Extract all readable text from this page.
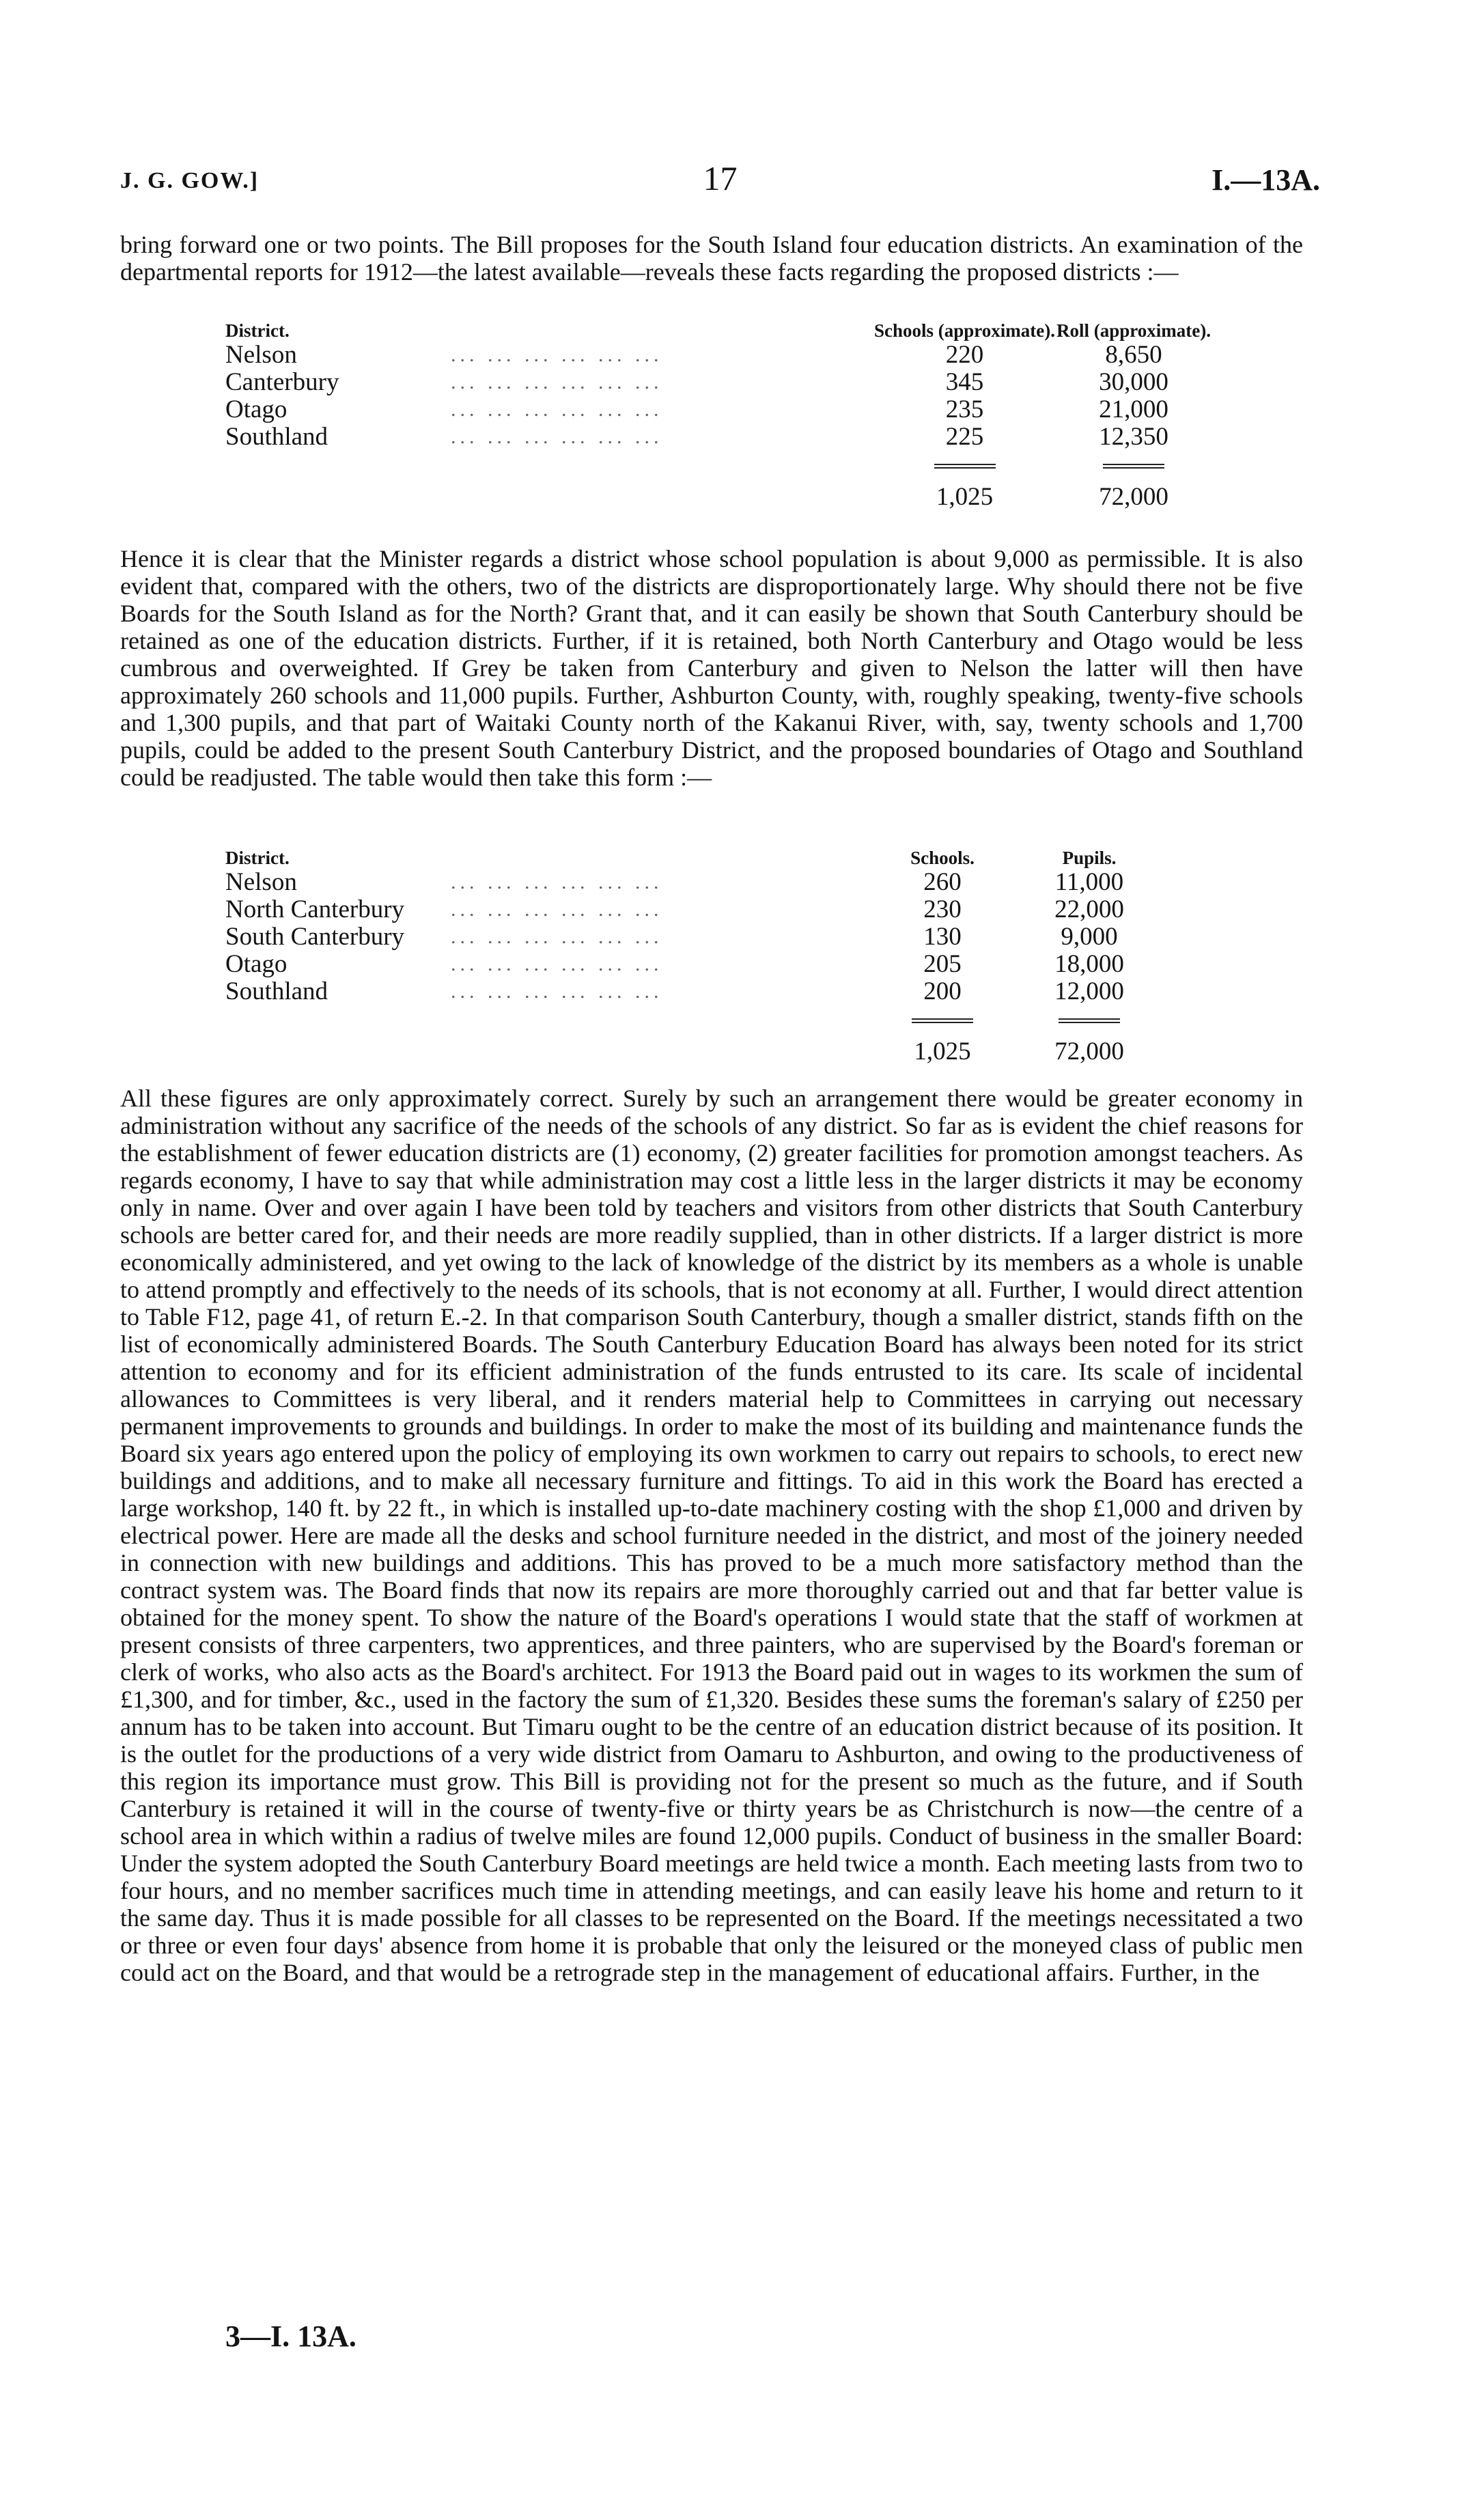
J. G. GOW.]	17	I.—13A.

bring forward one or two points. The Bill proposes for the South Island four education districts. An examination of the departmental reports for 1912—the latest available—reveals these facts regarding the proposed districts :—

District.		Schools (approximate).	Roll (approximate).
Nelson	... ... ... ... ... ...	220	8,650
Canterbury	... ... ... ... ... ...	345	30,000
Otago	... ... ... ... ... ...	235	21,000
Southland	... ... ... ... ... ...	225	12,350

		1,025	72,000

Hence it is clear that the Minister regards a district whose school population is about 9,000 as permissible. It is also evident that, compared with the others, two of the districts are disproportionately large. Why should there not be five Boards for the South Island as for the North? Grant that, and it can easily be shown that South Canterbury should be retained as one of the education districts. Further, if it is retained, both North Canterbury and Otago would be less cumbrous and overweighted. If Grey be taken from Canterbury and given to Nelson the latter will then have approximately 260 schools and 11,000 pupils. Further, Ashburton County, with, roughly speaking, twenty-five schools and 1,300 pupils, and that part of Waitaki County north of the Kakanui River, with, say, twenty schools and 1,700 pupils, could be added to the present South Canterbury District, and the proposed boundaries of Otago and Southland could be readjusted. The table would then take this form :—

District.		Schools.	Pupils.
Nelson	... ... ... ... ... ...	260	11,000
North Canterbury	... ... ... ... ... ...	230	22,000
South Canterbury	... ... ... ... ... ...	130	9,000
Otago	... ... ... ... ... ...	205	18,000
Southland	... ... ... ... ... ...	200	12,000

		1,025	72,000

All these figures are only approximately correct. Surely by such an arrangement there would be greater economy in administration without any sacrifice of the needs of the schools of any district. So far as is evident the chief reasons for the establishment of fewer education districts are (1) economy, (2) greater facilities for promotion amongst teachers. As regards economy, I have to say that while administration may cost a little less in the larger districts it may be economy only in name. Over and over again I have been told by teachers and visitors from other districts that South Canterbury schools are better cared for, and their needs are more readily supplied, than in other districts. If a larger district is more economically administered, and yet owing to the lack of knowledge of the district by its members as a whole is unable to attend promptly and effectively to the needs of its schools, that is not economy at all. Further, I would direct attention to Table F12, page 41, of return E.-2. In that comparison South Canterbury, though a smaller district, stands fifth on the list of economically administered Boards. The South Canterbury Education Board has always been noted for its strict attention to economy and for its efficient administration of the funds entrusted to its care. Its scale of incidental allowances to Committees is very liberal, and it renders material help to Committees in carrying out necessary permanent improvements to grounds and buildings. In order to make the most of its building and maintenance funds the Board six years ago entered upon the policy of employing its own workmen to carry out repairs to schools, to erect new buildings and additions, and to make all necessary furniture and fittings. To aid in this work the Board has erected a large workshop, 140 ft. by 22 ft., in which is installed up-to-date machinery costing with the shop £1,000 and driven by electrical power. Here are made all the desks and school furniture needed in the district, and most of the joinery needed in connection with new buildings and additions. This has proved to be a much more satisfactory method than the contract system was. The Board finds that now its repairs are more thoroughly carried out and that far better value is obtained for the money spent. To show the nature of the Board's operations I would state that the staff of workmen at present consists of three carpenters, two apprentices, and three painters, who are supervised by the Board's foreman or clerk of works, who also acts as the Board's architect. For 1913 the Board paid out in wages to its workmen the sum of £1,300, and for timber, &c., used in the factory the sum of £1,320. Besides these sums the foreman's salary of £250 per annum has to be taken into account. But Timaru ought to be the centre of an education district because of its position. It is the outlet for the productions of a very wide district from Oamaru to Ashburton, and owing to the productiveness of this region its importance must grow. This Bill is providing not for the present so much as the future, and if South Canterbury is retained it will in the course of twenty-five or thirty years be as Christchurch is now—the centre of a school area in which within a radius of twelve miles are found 12,000 pupils. Conduct of business in the smaller Board: Under the system adopted the South Canterbury Board meetings are held twice a month. Each meeting lasts from two to four hours, and no member sacrifices much time in attending meetings, and can easily leave his home and return to it the same day. Thus it is made possible for all classes to be represented on the Board. If the meetings necessitated a two or three or even four days' absence from home it is probable that only the leisured or the moneyed class of public men could act on the Board, and that would be a retrograde step in the management of educational affairs. Further, in the

3—I. 13A.
